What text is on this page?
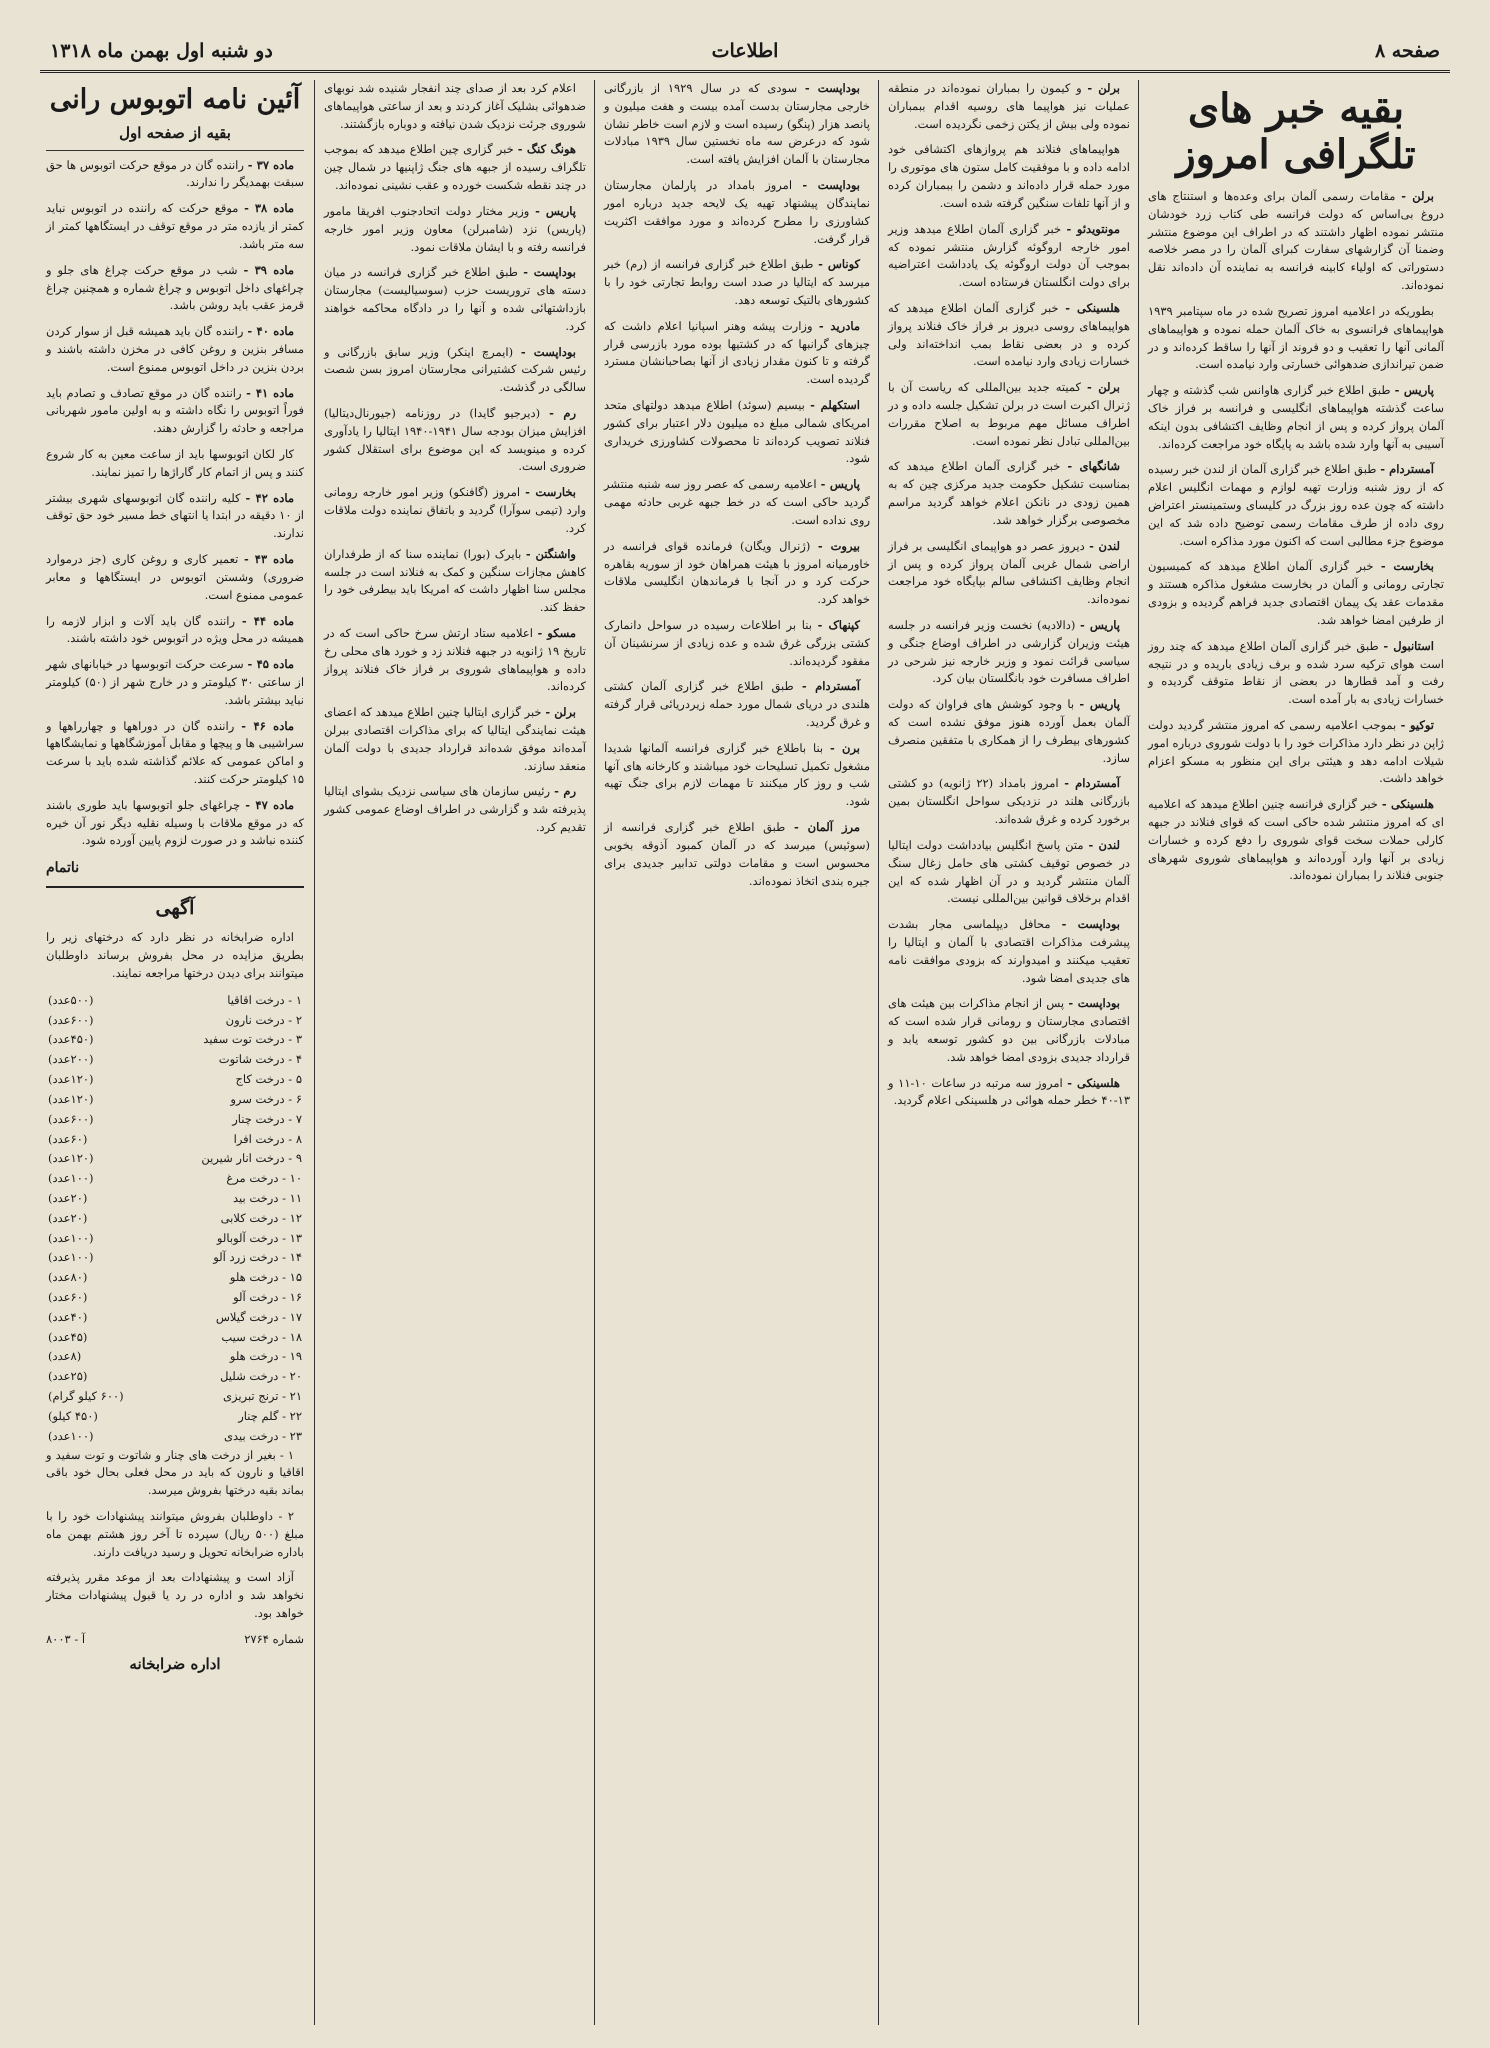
صفحه ۸
اطلاعات
دو شنبه اول بهمن ماه ۱۳۱۸
بقیه خبر های تلگرافی امروز

برلن - مقامات رسمی آلمان برای وعده‌ها و استنتاج های دروغ بی‌اساس که دولت فرانسه طی کتاب زرد خودشان منتشر نموده اظهار داشتند که در اطراف این موضوع منتشر وضمنا آن گزارشهای سفارت کبرای آلمان را در مصر خلاصه دستوراتی که اولیاء کابینه فرانسه به نماینده آن داده‌اند نقل نموده‌اند.

بطوریکه در اعلامیه امروز تصریح شده در ماه سپتامبر ۱۹۳۹ هواپیماهای فرانسوی به خاک آلمان حمله نموده و هواپیماهای آلمانی آنها را تعقیب و دو فروند از آنها را ساقط کرده‌اند و در ضمن تیراندازی ضدهوائی خسارتی وارد نیامده است.

پاریس - طبق اطلاع خبر گزاری هاوانس شب گذشته و چهار ساعت گذشته هواپیماهای انگلیسی و فرانسه بر فراز خاک آلمان پرواز کرده و پس از انجام وظایف اکتشافی بدون اینکه آسیبی به آنها وارد شده باشد به پایگاه خود مراجعت کرده‌اند.

آمستردام - طبق اطلاع خبر گزاری آلمان از لندن خبر رسیده که از روز شنبه وزارت تهیه لوازم و مهمات انگلیس اعلام داشته که چون عده روز بزرگ در کلیسای وستمینستر اعتراض روی داده از طرف مقامات رسمی توضیح داده شد که این موضوع جزء مطالبی است که اکنون مورد مذاکره است.

بخارست - خبر گزاری آلمان اطلاع میدهد که کمیسیون تجارتی رومانی و آلمان در بخارست مشغول مذاکره هستند و مقدمات عقد یک پیمان اقتصادی جدید فراهم گردیده و بزودی از طرفین امضا خواهد شد.

استانبول - طبق خبر گزاری آلمان اطلاع میدهد که چند روز است هوای ترکیه سرد شده و برف زیادی باریده و در نتیجه رفت و آمد قطارها در بعضی از نقاط متوقف گردیده و خسارات زیادی به بار آمده است.

توکیو - بموجب اعلامیه رسمی که امروز منتشر گردید دولت ژاپن در نظر دارد مذاکرات خود را با دولت شوروی درباره امور شیلات ادامه دهد و هیئتی برای این منظور به مسکو اعزام خواهد داشت.

هلسینکی - خبر گزاری فرانسه چنین اطلاع میدهد که اعلامیه ای که امروز منتشر شده حاکی است که قوای فنلاند در جبهه کارلی حملات سخت قوای شوروی را دفع کرده و خسارات زیادی بر آنها وارد آورده‌اند و هواپیماهای شوروی شهرهای جنوبی فنلاند را بمباران نموده‌اند.

برلن - و کیمون را بمباران نموده‌اند در منطقه عملیات نیز هواپیما های روسیه اقدام ببمباران نموده ولی بیش از یکتن زخمی نگردیده است.

هواپیماهای فنلاند هم پروازهای اکتشافی خود ادامه داده و با موفقیت کامل ستون های موتوری را مورد حمله قرار داده‌اند و دشمن را ببمباران کرده و از آنها تلفات سنگین گرفته شده است.

مونتویدئو - خبر گزاری آلمان اطلاع میدهد وزیر امور خارجه اروگوئه گزارش منتشر نموده که بموجب آن دولت اروگوئه یک یادداشت اعتراضیه برای دولت انگلستان فرستاده است.

هلسینکی - خبر گزاری آلمان اطلاع میدهد که هواپیماهای روسی دیروز بر فراز خاک فنلاند پرواز کرده و در بعضی نقاط بمب انداخته‌اند ولی خسارات زیادی وارد نیامده است.

برلن - کمیته جدید بین‌المللی که ریاست آن با ژنرال اکبرت است در برلن تشکیل جلسه داده و در اطراف مسائل مهم مربوط به اصلاح مقررات بین‌المللی تبادل نظر نموده است.

شانگهای - خبر گزاری آلمان اطلاع میدهد که بمناسبت تشکیل حکومت جدید مرکزی چین که به همین زودی در نانکن اعلام خواهد گردید مراسم مخصوصی برگزار خواهد شد.

لندن - دیروز عصر دو هواپیمای انگلیسی بر فراز اراضی شمال غربی آلمان پرواز کرده و پس از انجام وظایف اکتشافی سالم بپایگاه خود مراجعت نموده‌اند.

پاریس - (دالادیه) نخست وزیر فرانسه در جلسه هیئت وزیران گزارشی در اطراف اوضاع جنگی و سیاسی قرائت نمود و وزیر خارجه نیز شرحی در اطراف مسافرت خود بانگلستان بیان کرد.

پاریس - با وجود کوشش های فراوان که دولت آلمان بعمل آورده هنوز موفق نشده است که کشورهای بیطرف را از همکاری با متفقین منصرف سازد.

آمستردام - امروز بامداد (۲۲ ژانویه) دو کشتی بازرگانی هلند در نزدیکی سواحل انگلستان بمین برخورد کرده و غرق شده‌اند.

لندن - متن پاسخ انگلیس بیادداشت دولت ایتالیا در خصوص توقیف کشتی های حامل زغال سنگ آلمان منتشر گردید و در آن اظهار شده که این اقدام برخلاف قوانین بین‌المللی نیست.

بوداپست - محافل دیپلماسی مجار بشدت پیشرفت مذاکرات اقتصادی با آلمان و ایتالیا را تعقیب میکنند و امیدوارند که بزودی موافقت نامه های جدیدی امضا شود.

بوداپست - پس از انجام مذاکرات بین هیئت های اقتصادی مجارستان و رومانی قرار شده است که مبادلات بازرگانی بین دو کشور توسعه یابد و قرارداد جدیدی بزودی امضا خواهد شد.

هلسینکی - امروز سه مرتبه در ساعات ۱۰-۱۱ و ۱۳-۴۰ خطر حمله هوائی در هلسینکی اعلام گردید.

بوداپست - سودی که در سال ۱۹۲۹ از بازرگانی خارجی مجارستان بدست آمده بیست و هفت میلیون و پانصد هزار (پنگو) رسیده است و لازم است خاطر نشان شود که درعرض سه ماه نخستین سال ۱۹۳۹ مبادلات مجارستان با آلمان افزایش یافته است.

بوداپست - امروز بامداد در پارلمان مجارستان نمایندگان پیشنهاد تهیه یک لایحه جدید درباره امور کشاورزی را مطرح کرده‌اند و مورد موافقت اکثریت قرار گرفت.

کوناس - طبق اطلاع خبر گزاری فرانسه از (رم) خبر میرسد که ایتالیا در صدد است روابط تجارتی خود را با کشورهای بالتیک توسعه دهد.

مادرید - وزارت پیشه وهنر اسپانیا اعلام داشت که چیزهای گرانبها که در کشتیها بوده مورد بازرسی قرار گرفته و تا کنون مقدار زیادی از آنها بصاحبانشان مسترد گردیده است.

استکهلم - بیسیم (سوئد) اطلاع میدهد دولتهای متحد امریکای شمالی مبلغ ده میلیون دلار اعتبار برای کشور فنلاند تصویب کرده‌اند تا محصولات کشاورزی خریداری شود.

پاریس - اعلامیه رسمی که عصر روز سه شنبه منتشر گردید حاکی است که در خط جبهه غربی حادثه مهمی روی نداده است.

بیروت - (ژنرال ویگان) فرمانده قوای فرانسه در خاورمیانه امروز با هیئت همراهان خود از سوریه بقاهره حرکت کرد و در آنجا با فرماندهان انگلیسی ملاقات خواهد کرد.

کپنهاک - بنا بر اطلاعات رسیده در سواحل دانمارک کشتی بزرگی غرق شده و عده زیادی از سرنشینان آن مفقود گردیده‌اند.

آمستردام - طبق اطلاع خبر گزاری آلمان کشتی هلندی در دریای شمال مورد حمله زیردریائی قرار گرفته و غرق گردید.

برن - بنا باطلاع خبر گزاری فرانسه آلمانها شدیدا مشغول تکمیل تسلیحات خود میباشند و کارخانه های آنها شب و روز کار میکنند تا مهمات لازم برای جنگ تهیه شود.

مرز آلمان - طبق اطلاع خبر گزاری فرانسه از (سوئیس) میرسد که در آلمان کمبود آذوقه بخوبی محسوس است و مقامات دولتی تدابیر جدیدی برای جیره بندی اتخاذ نموده‌اند.

اعلام کرد بعد از صدای چند انفجار شنیده شد نوبهای ضدهوائی بشلیک آغاز کردند و بعد از ساعتی هواپیماهای شوروی جرئت نزدیک شدن نیافته و دوباره بازگشتند.

هونگ کنگ - خبر گزاری چین اطلاع میدهد که بموجب تلگراف رسیده از جبهه های جنگ ژاپنیها در شمال چین در چند نقطه شکست خورده و عقب نشینی نموده‌اند.

پاریس - وزیر مختار دولت اتحادجنوب افریقا مامور (پاریس) نزد (شامبرلن) معاون وزیر امور خارجه فرانسه رفته و با ایشان ملاقات نمود.

بوداپست - طبق اطلاع خبر گزاری فرانسه در میان دسته های تروریست حزب (سوسیالیست) مجارستان بازداشتهائی شده و آنها را در دادگاه محاکمه خواهند کرد.

بوداپست - (ایمرچ اینکر) وزیر سابق بازرگانی و رئیس شرکت کشتیرانی مجارستان امروز بسن شصت سالگی در گذشت.

رم - (دیرجیو گایدا) در روزنامه (جیورنال‌دیتالیا) افزایش میزان بودجه سال ۱۹۴۱-۱۹۴۰ ایتالیا را یادآوری کرده و مینویسد که این موضوع برای استقلال کشور ضروری است.

بخارست - امروز (گافنکو) وزیر امور خارجه رومانی وارد (تیمی سوآرا) گردید و باتفاق نماینده دولت ملاقات کرد.

واشنگتن - بایرک (بورا) نماینده سنا که از طرفداران کاهش مجازات سنگین و کمک به فنلاند است در جلسه مجلس سنا اظهار داشت که امریکا باید بیطرفی خود را حفظ کند.

مسکو - اعلامیه ستاد ارتش سرخ حاکی است که در تاریخ ۱۹ ژانویه در جبهه فنلاند زد و خورد های محلی رخ داده و هواپیماهای شوروی بر فراز خاک فنلاند پرواز کرده‌اند.

برلن - خبر گزاری ایتالیا چنین اطلاع میدهد که اعضای هیئت نمایندگی ایتالیا که برای مذاکرات اقتصادی ببرلن آمده‌اند موفق شده‌اند قرارداد جدیدی با دولت آلمان منعقد سازند.

رم - رئیس سازمان های سیاسی نزدیک بشوای ایتالیا پذیرفته شد و گزارشی در اطراف اوضاع عمومی کشور تقدیم کرد.

آئین نامه اتوبوس رانی
بقیه از صفحه اول

ماده ۳۷ - راننده گان در موقع حرکت اتوبوس ها حق سبقت بهمدیگر را ندارند.

ماده ۳۸ - موقع حرکت که راننده در اتوبوس نباید کمتر از یازده متر در موقع توقف در ایستگاهها کمتر از سه متر باشد.

ماده ۳۹ - شب در موقع حرکت چراغ های جلو و چراغهای داخل اتوبوس و چراغ شماره و همچنین چراغ قرمز عقب باید روشن باشد.

ماده ۴۰ - راننده گان باید همیشه قبل از سوار کردن مسافر بنزین و روغن کافی در مخزن داشته باشند و بردن بنزین در داخل اتوبوس ممنوع است.

ماده ۴۱ - راننده گان در موقع تصادف و تصادم باید فوراً اتوبوس را نگاه داشته و به اولین مامور شهربانی مراجعه و حادثه را گزارش دهند.

کار لکان اتوبوسها باید از ساعت معین به کار شروع کنند و پس از اتمام کار گاراژها را تمیز نمایند.

ماده ۴۲ - کلیه راننده گان اتوبوسهای شهری بیشتر از ۱۰ دقیقه در ابتدا یا انتهای خط مسیر خود حق توقف ندارند.

ماده ۴۳ - تعمیر کاری و روغن کاری (جز درموارد ضروری) وشستن اتوبوس در ایستگاهها و معابر عمومی ممنوع است.

ماده ۴۴ - راننده گان باید آلات و ابزار لازمه را همیشه در محل ویژه در اتوبوس خود داشته باشند.

ماده ۴۵ - سرعت حرکت اتوبوسها در خیابانهای شهر از ساعتی ۳۰ کیلومتر و در خارج شهر از (۵۰) کیلومتر نباید بیشتر باشد.

ماده ۴۶ - راننده گان در دوراهها و چهارراهها و سراشیبی ها و پیچها و مقابل آموزشگاهها و نمایشگاهها و اماکن عمومی که علائم گذاشته شده باید با سرعت ۱۵ کیلومتر حرکت کنند.

ماده ۴۷ - چراغهای جلو اتوبوسها باید طوری باشند که در موقع ملاقات با وسیله نقلیه دیگر نور آن خیره کننده نباشد و در صورت لزوم پایین آورده شود.

ناتمام
آگهی

اداره ضرابخانه در نظر دارد که درختهای زیر را بطریق مزایده در محل بفروش برساند داوطلبان میتوانند برای دیدن درختها مراجعه نمایند.

۱ - درخت اقاقیا	(۵۰۰عدد)
۲ - درخت نارون	(۶۰۰عدد)
۳ - درخت توت سفید	(۴۵۰عدد)
۴ - درخت شاتوت	(۲۰۰عدد)
۵ - درخت کاج	(۱۲۰عدد)
۶ - درخت سرو	(۱۲۰عدد)
۷ - درخت چنار	(۶۰۰عدد)
۸ - درخت افرا	(۶۰عدد)
۹ - درخت انار شیرین	(۱۲۰عدد)
۱۰ - درخت مرغ	(۱۰۰عدد)
۱۱ - درخت بید	(۲۰عدد)
۱۲ - درخت کلابی	(۲۰عدد)
۱۳ - درخت آلوبالو	(۱۰۰عدد)
۱۴ - درخت زرد آلو	(۱۰۰عدد)
۱۵ - درخت هلو	(۸۰عدد)
۱۶ - درخت آلو	(۶۰عدد)
۱۷ - درخت گیلاس	(۴۰عدد)
۱۸ - درخت سیب	(۴۵عدد)
۱۹ - درخت هلو	(۸عدد)
۲۰ - درخت شلیل	(۲۵عدد)
۲۱ - ترنج تبریزی	(۶۰۰ کیلو گرام)
۲۲ - گلم چنار	(۴۵۰ کیلو)
۲۳ - درخت بیدی	(۱۰۰عدد)

۱ - بغیر از درخت های چنار و شاتوت و توت سفید و اقاقیا و نارون که باید در محل فعلی بحال خود باقی بماند بقیه درختها بفروش میرسد.

۲ - داوطلبان بفروش میتوانند پیشنهادات خود را با مبلغ (۵۰۰ ریال) سپرده تا آخر روز هشتم بهمن ماه باداره ضرابخانه تحویل و رسید دریافت دارند.

آزاد است و پیشنهادات بعد از موعد مقرر پذیرفته نخواهد شد و اداره در رد یا قبول پیشنهادات مختار خواهد بود.

شماره ۲۷۶۴
آ - ۸۰۰۳
اداره ضرابخانه
